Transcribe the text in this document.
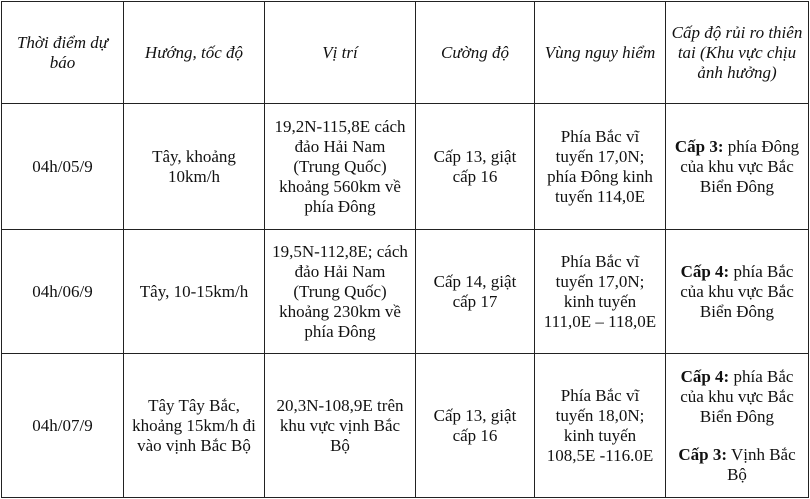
Thời điểm dự báo	Hướng, tốc độ	Vị trí	Cường độ	Vùng nguy hiểm	Cấp độ rủi ro thiên tai (Khu vực chịu ảnh hưởng)

04h/05/9	Tây, khoảng 10km/h	19,2N-115,8E cách đảo Hải Nam (Trung Quốc) khoảng 560km về phía Đông	Cấp 13, giật cấp 16	Phía Bắc vĩ tuyến 17,0N; phía Đông kinh tuyến 114,0E	Cấp 3: phía Đông của khu vực Bắc Biển Đông

04h/06/9	Tây, 10-15km/h	19,5N-112,8E; cách đảo Hải Nam (Trung Quốc) khoảng 230km về phía Đông	Cấp 14, giật cấp 17	Phía Bắc vĩ tuyến 17,0N; kinh tuyến 111,0E – 118,0E	Cấp 4: phía Bắc của khu vực Bắc Biển Đông

04h/07/9	Tây Tây Bắc, khoảng 15km/h đi vào vịnh Bắc Bộ	20,3N-108,9E trên khu vực vịnh Bắc Bộ	Cấp 13, giật cấp 16	Phía Bắc vĩ tuyến 18,0N; kinh tuyến 108,5E -116.0E	Cấp 4: phía Bắc của khu vực Bắc Biển Đông
Cấp 3: Vịnh Bắc Bộ
